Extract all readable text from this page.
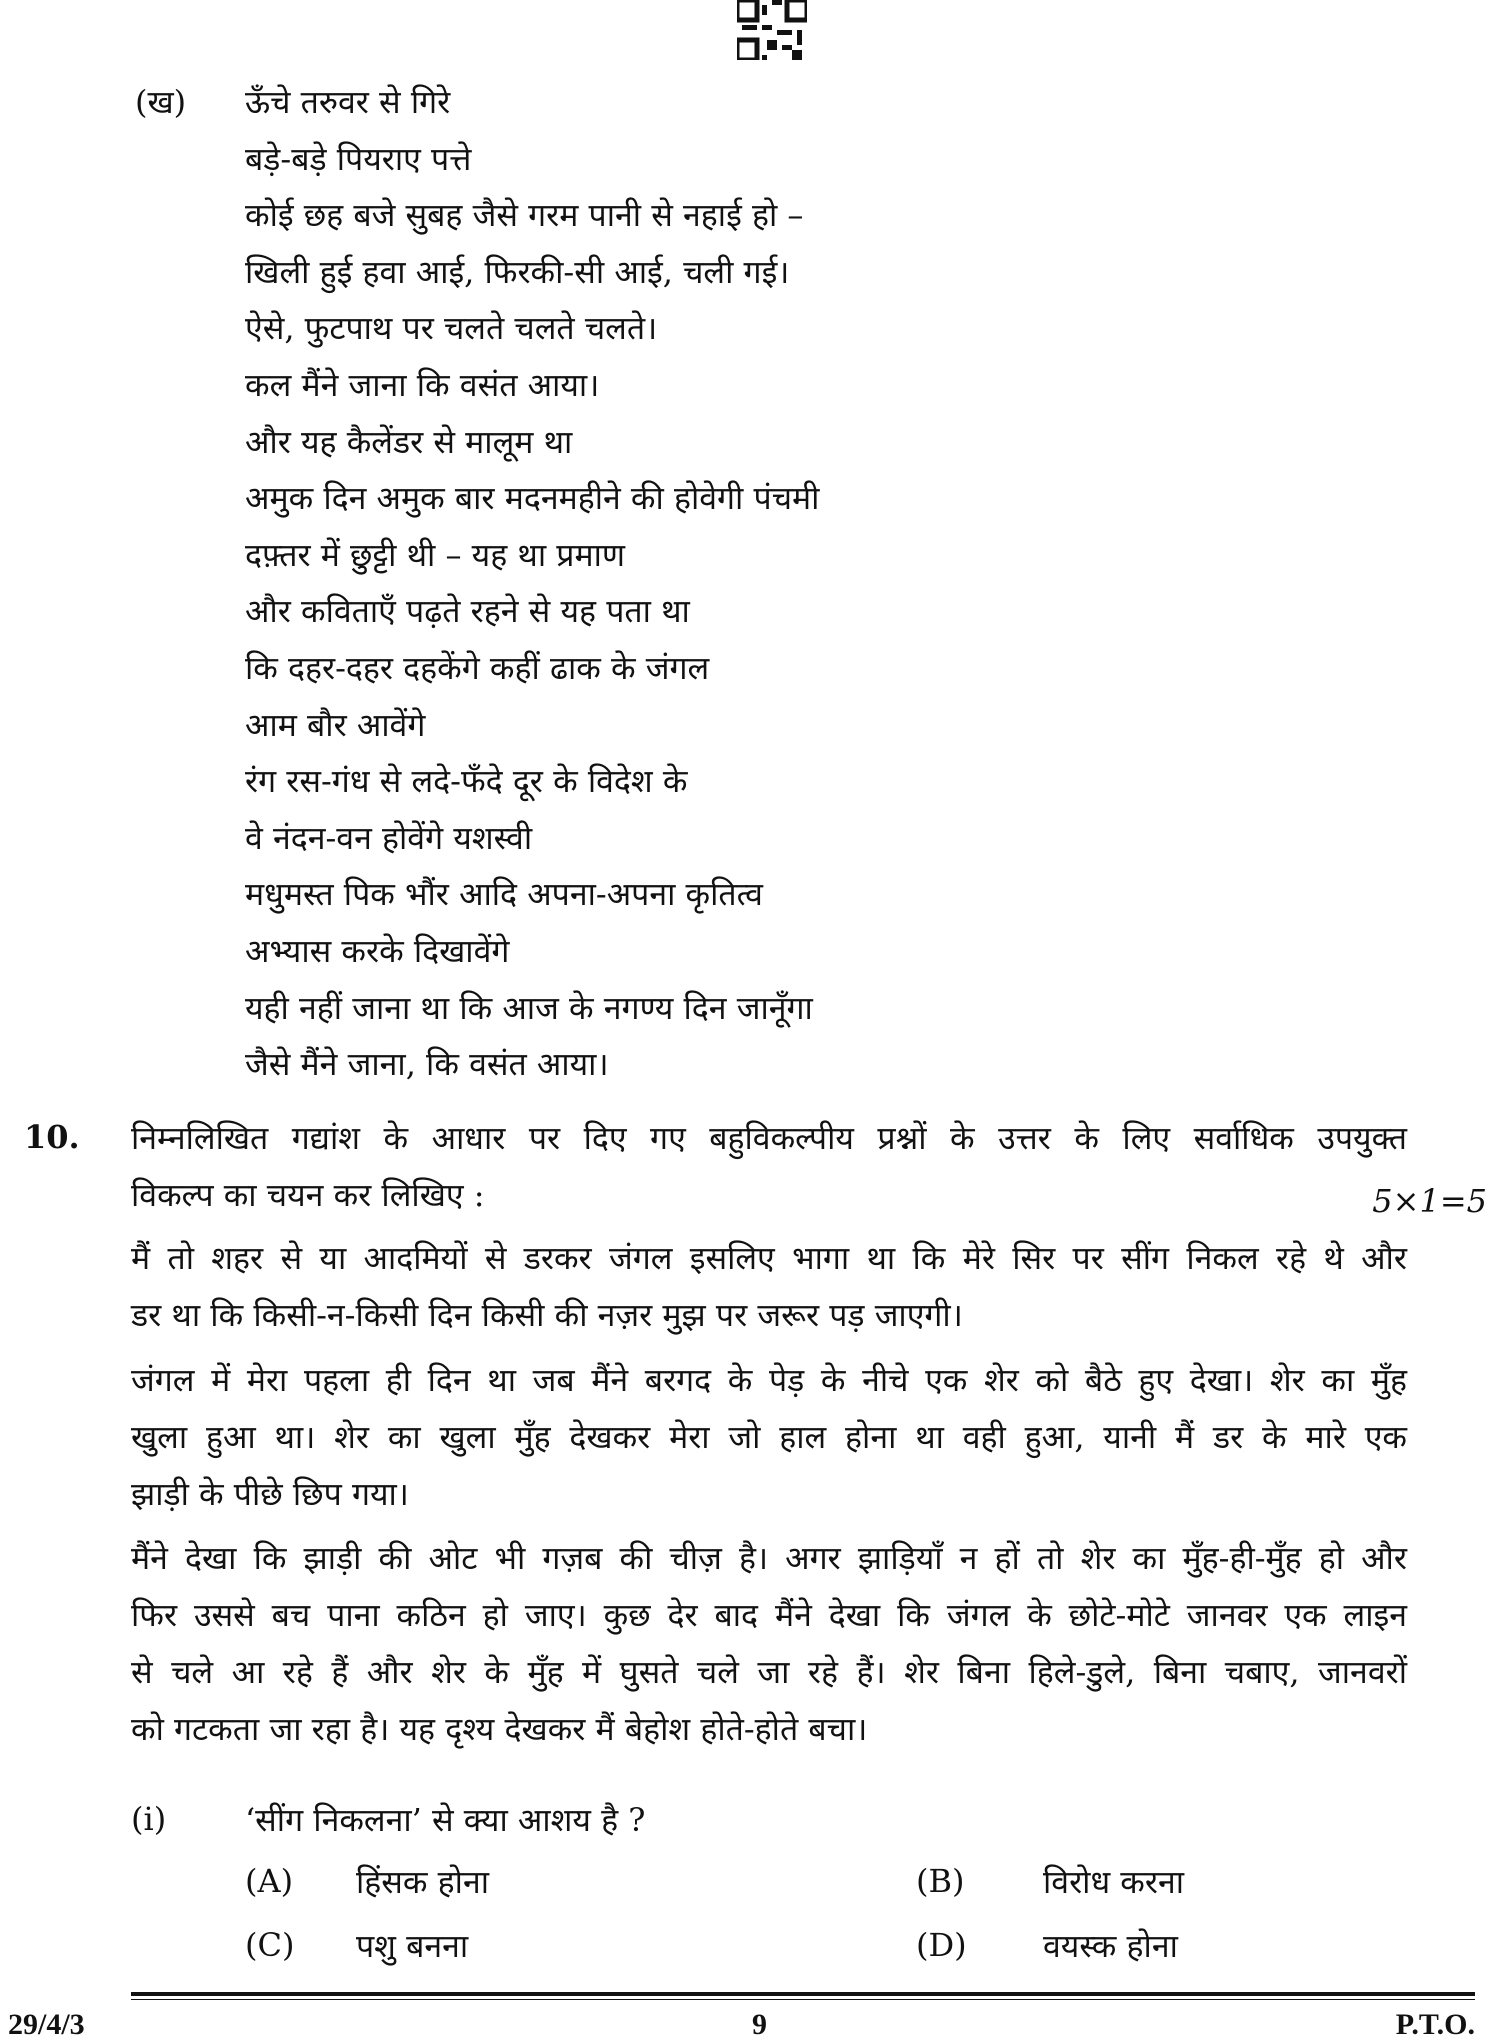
(ख) ऊँचे तरुवर से गिरे
बड़े-बड़े पियराए पत्ते
कोई छह बजे सुबह जैसे गरम पानी से नहाई हो –
खिली हुई हवा आई, फिरकी-सी आई, चली गई।
ऐसे, फुटपाथ पर चलते चलते चलते।
कल मैंने जाना कि वसंत आया।
और यह कैलेंडर से मालूम था
अमुक दिन अमुक बार मदनमहीने की होवेगी पंचमी
दफ़्तर में छुट्टी थी – यह था प्रमाण
और कविताएँ पढ़ते रहने से यह पता था
कि दहर-दहर दहकेंगे कहीं ढाक के जंगल
आम बौर आवेंगे
रंग रस-गंध से लदे-फँदे दूर के विदेश के
वे नंदन-वन होवेंगे यशस्वी
मधुमस्त पिक भौंर आदि अपना-अपना कृतित्व
अभ्यास करके दिखावेंगे
यही नहीं जाना था कि आज के नगण्य दिन जानूँगा
जैसे मैंने जाना, कि वसंत आया।
10. निम्नलिखित गद्यांश के आधार पर दिए गए बहुविकल्पीय प्रश्नों के उत्तर के लिए सर्वाधिक उपयुक्त
विकल्प का चयन कर लिखिए :	5×1=5
मैं तो शहर से या आदमियों से डरकर जंगल इसलिए भागा था कि मेरे सिर पर सींग निकल रहे थे और
डर था कि किसी-न-किसी दिन किसी की नज़र मुझ पर जरूर पड़ जाएगी।
जंगल में मेरा पहला ही दिन था जब मैंने बरगद के पेड़ के नीचे एक शेर को बैठे हुए देखा। शेर का मुँह
खुला हुआ था। शेर का खुला मुँह देखकर मेरा जो हाल होना था वही हुआ, यानी मैं डर के मारे एक
झाड़ी के पीछे छिप गया।
मैंने देखा कि झाड़ी की ओट भी गज़ब की चीज़ है। अगर झाड़ियाँ न हों तो शेर का मुँह-ही-मुँह हो और
फिर उससे बच पाना कठिन हो जाए। कुछ देर बाद मैंने देखा कि जंगल के छोटे-मोटे जानवर एक लाइन
से चले आ रहे हैं और शेर के मुँह में घुसते चले जा रहे हैं। शेर बिना हिले-डुले, बिना चबाए, जानवरों
को गटकता जा रहा है। यह दृश्य देखकर मैं बेहोश होते-होते बचा।
(i) ‘सींग निकलना’ से क्या आशय है ?
(A) हिंसक होना	(B) विरोध करना
(C) पशु बनना	(D) वयस्क होना
29/4/3	9	P.T.O.
